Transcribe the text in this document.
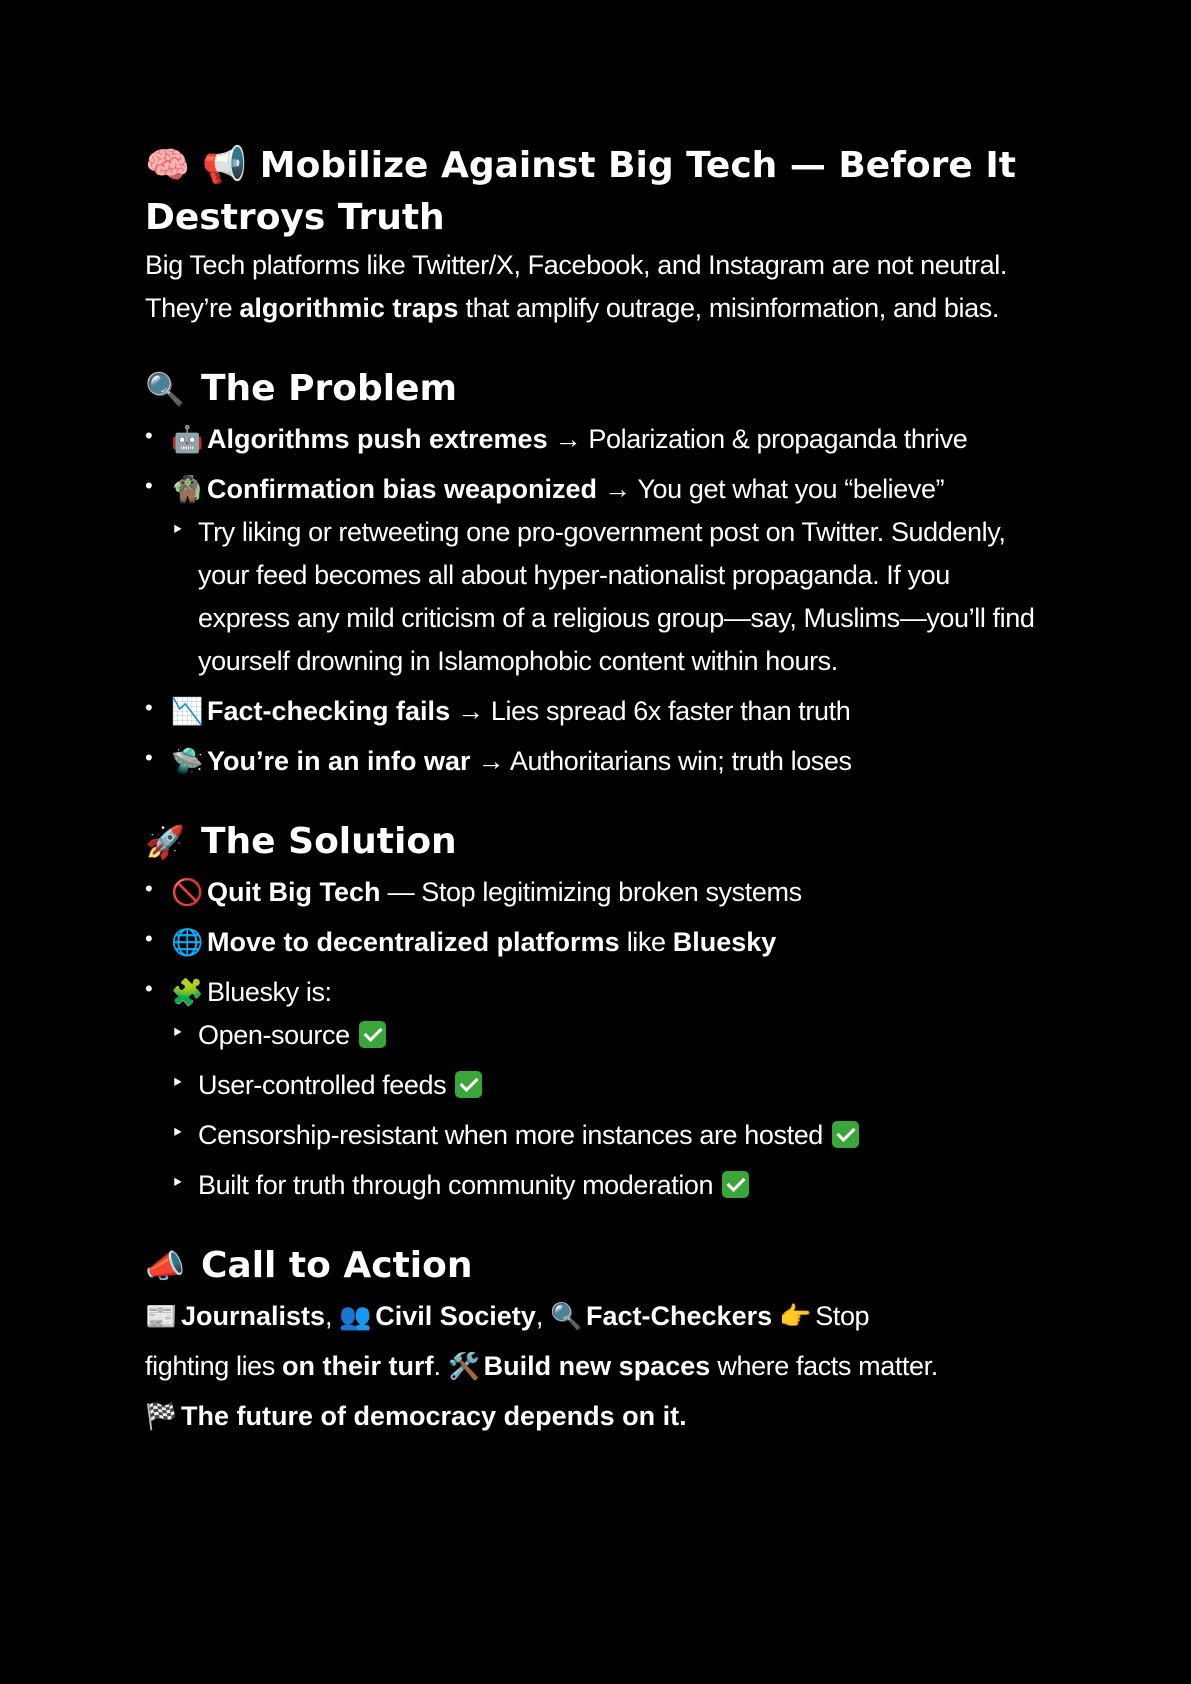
🧠 📢 Mobilize Against Big Tech — Before It Destroys Truth

Big Tech platforms like Twitter/X, Facebook, and Instagram are not neutral. They’re algorithmic traps that amplify outrage, misinformation, and bias.

🔍 The Problem
• 🤖 Algorithms push extremes → Polarization & propaganda thrive
• 🧌 Confirmation bias weaponized → You get what you “believe”
‣ Try liking or retweeting one pro-government post on Twitter. Suddenly, your feed becomes all about hyper-nationalist propaganda. If you express any mild criticism of a religious group—say, Muslims—you’ll find yourself drowning in Islamophobic content within hours.
• 📉 Fact-checking fails → Lies spread 6x faster than truth
• 🛸 You’re in an info war → Authoritarians win; truth loses
🚀 The Solution
• 🚫 Quit Big Tech — Stop legitimizing broken systems
• 🌐 Move to decentralized platforms like Bluesky
• 🧩 Bluesky is:
‣ Open-source
‣ User-controlled feeds
‣ Censorship-resistant when more instances are hosted
‣ Built for truth through community moderation
📣 Call to Action

📰 Journalists, 👥 Civil Society, 🔍 Fact-Checkers 👉 Stop

fighting lies on their turf. 🛠️ Build new spaces where facts matter.

🏁 The future of democracy depends on it.
